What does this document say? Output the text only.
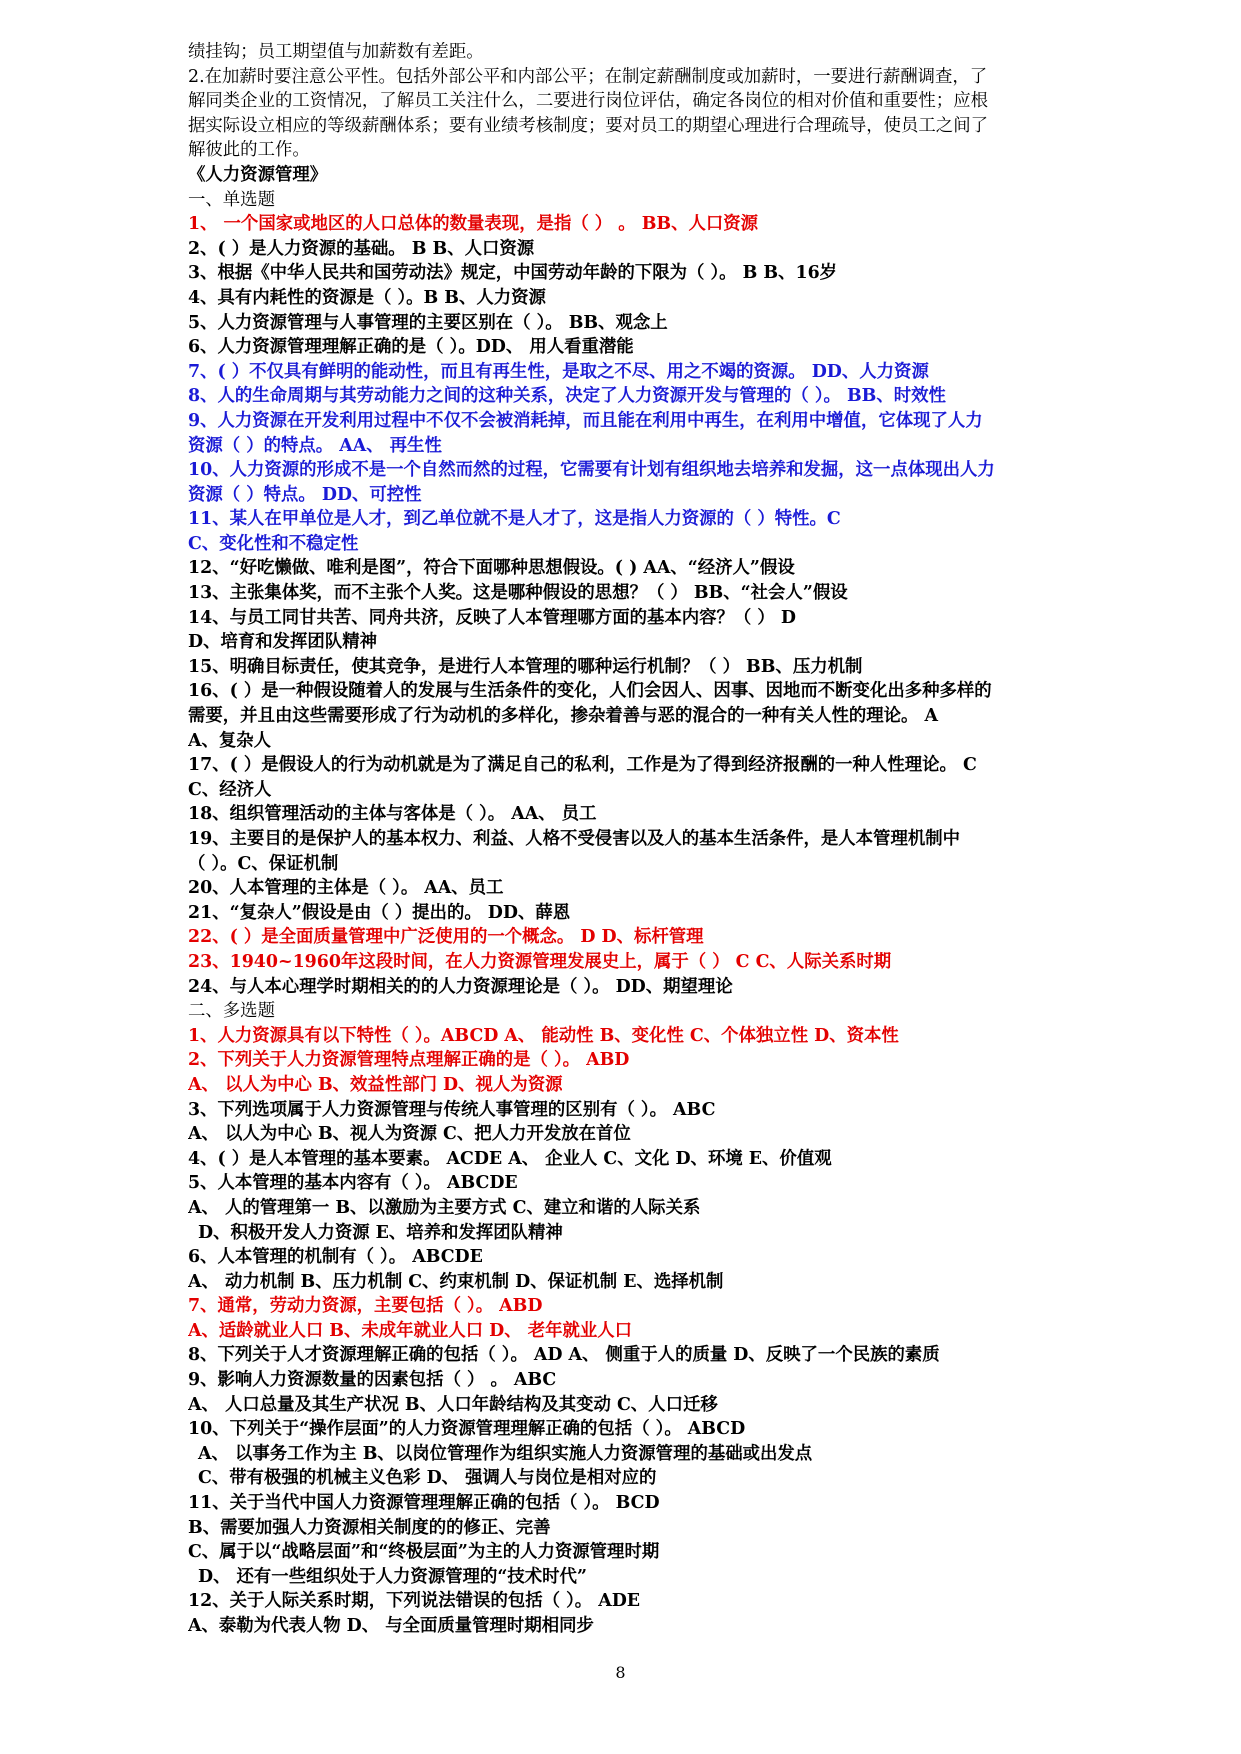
绩挂钩；员工期望值与加薪数有差距。
2.在加薪时要注意公平性。包括外部公平和内部公平；在制定薪酬制度或加薪时，一要进行薪酬调查，了
解同类企业的工资情况，了解员工关注什么，二要进行岗位评估，确定各岗位的相对价值和重要性；应根
据实际设立相应的等级薪酬体系；要有业绩考核制度；要对员工的期望心理进行合理疏导，使员工之间了
解彼此的工作。
《人力资源管理》
一、单选题
1、 一个国家或地区的人口总体的数量表现，是指（ ） 。 BB、人口资源
2、( ）是人力资源的基础。 B B、人口资源
3、根据《中华人民共和国劳动法》规定，中国劳动年龄的下限为（ ）。 B B、16岁
4、具有内耗性的资源是（ ）。B B、人力资源
5、人力资源管理与人事管理的主要区别在（ ）。 BB、观念上
6、人力资源管理理解正确的是（ ）。DD、 用人看重潜能
7、( ）不仅具有鲜明的能动性，而且有再生性，是取之不尽、用之不竭的资源。 DD、人力资源
8、人的生命周期与其劳动能力之间的这种关系，决定了人力资源开发与管理的（ ）。 BB、时效性
9、人力资源在开发利用过程中不仅不会被消耗掉，而且能在利用中再生，在利用中增值，它体现了人力
资源（ ）的特点。 AA、 再生性
10、人力资源的形成不是一个自然而然的过程，它需要有计划有组织地去培养和发掘，这一点体现出人力
资源（ ）特点。 DD、可控性
11、某人在甲单位是人才，到乙单位就不是人才了，这是指人力资源的（ ）特性。C
C、变化性和不稳定性
12、“好吃懒做、唯利是图”，符合下面哪种思想假设。( ) AA、“经济人”假设
13、主张集体奖，而不主张个人奖。这是哪种假设的思想？（ ） BB、“社会人”假设
14、与员工同甘共苦、同舟共济，反映了人本管理哪方面的基本内容？（ ） D
D、培育和发挥团队精神
15、明确目标责任，使其竞争，是进行人本管理的哪种运行机制？（ ） BB、压力机制
16、( ）是一种假设随着人的发展与生活条件的变化，人们会因人、因事、因地而不断变化出多种多样的
需要，并且由这些需要形成了行为动机的多样化，掺杂着善与恶的混合的一种有关人性的理论。 A
A、复杂人
17、( ）是假设人的行为动机就是为了满足自己的私利，工作是为了得到经济报酬的一种人性理论。 C
C、经济人
18、组织管理活动的主体与客体是（ ）。 AA、 员工
19、主要目的是保护人的基本权力、利益、人格不受侵害以及人的基本生活条件，是人本管理机制中
（ ）。C、保证机制
20、人本管理的主体是（ ）。 AA、员工
21、“复杂人”假设是由（ ）提出的。 DD、薛恩
22、( ）是全面质量管理中广泛使用的一个概念。 D D、标杆管理
23、1940~1960年这段时间，在人力资源管理发展史上，属于（ ） C C、人际关系时期
24、与人本心理学时期相关的的人力资源理论是（ ）。 DD、期望理论
二、多选题
1、人力资源具有以下特性（ ）。ABCD A、 能动性 B、变化性 C、个体独立性 D、资本性
2、下列关于人力资源管理特点理解正确的是（ ）。 ABD
A、 以人为中心 B、效益性部门 D、视人为资源
3、下列选项属于人力资源管理与传统人事管理的区别有（ ）。 ABC
A、 以人为中心 B、视人为资源 C、把人力开发放在首位
4、( ）是人本管理的基本要素。 ACDE A、 企业人 C、文化 D、环境 E、价值观
5、人本管理的基本内容有（ ）。 ABCDE
A、 人的管理第一 B、以激励为主要方式 C、建立和谐的人际关系
D、积极开发人力资源 E、培养和发挥团队精神
6、人本管理的机制有（ ）。 ABCDE
A、 动力机制 B、压力机制 C、约束机制 D、保证机制 E、选择机制
7、通常，劳动力资源，主要包括（ ）。 ABD
A、适龄就业人口 B、未成年就业人口 D、 老年就业人口
8、下列关于人才资源理解正确的包括（ ）。 AD A、 侧重于人的质量 D、反映了一个民族的素质
9、影响人力资源数量的因素包括（ ） 。 ABC
A、 人口总量及其生产状况 B、人口年龄结构及其变动 C、人口迁移
10、下列关于“操作层面”的人力资源管理理解正确的包括（ ）。 ABCD
A、 以事务工作为主 B、以岗位管理作为组织实施人力资源管理的基础或出发点
C、带有极强的机械主义色彩 D、 强调人与岗位是相对应的
11、关于当代中国人力资源管理理解正确的包括（ ）。 BCD
B、需要加强人力资源相关制度的的修正、完善
C、属于以“战略层面”和“终极层面”为主的人力资源管理时期
D、 还有一些组织处于人力资源管理的“技术时代”
12、关于人际关系时期，下列说法错误的包括（ ）。 ADE
A、泰勒为代表人物 D、 与全面质量管理时期相同步
8
